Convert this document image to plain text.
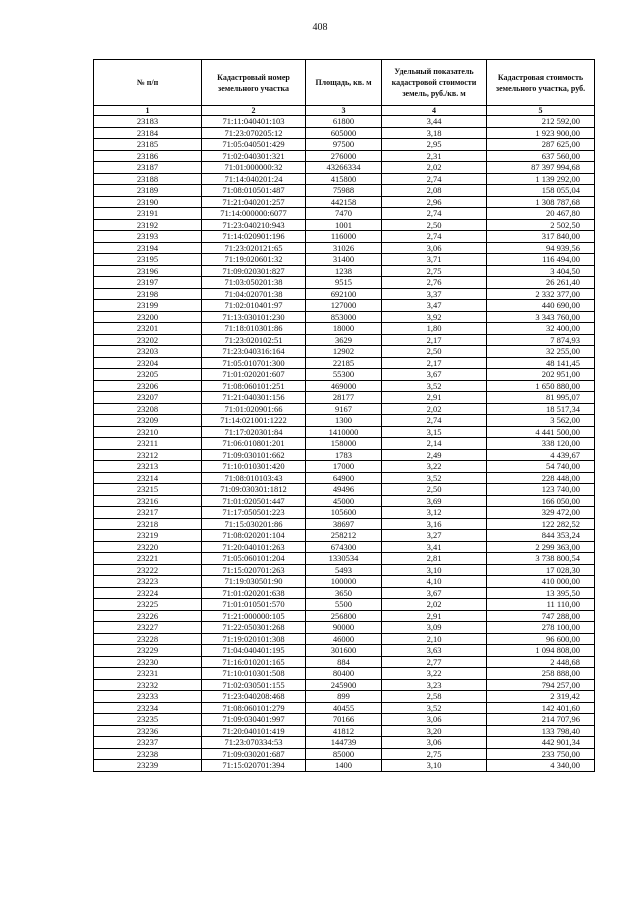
408
№ п/п	Кадастровый номер земельного участка	Площадь, кв. м	Удельный показатель кадастровой стоимости земель, руб./кв. м	Кадастровая стоимость земельного участка, руб.
1	2	3	4	5
23183	71:11:040401:103	61800	3,44	212 592,00
23184	71:23:070205:12	605000	3,18	1 923 900,00
23185	71:05:040501:429	97500	2,95	287 625,00
23186	71:02:040301:321	276000	2,31	637 560,00
23187	71:01:000000:32	43266334	2,02	87 397 994,68
23188	71:14:040201:24	415800	2,74	1 139 292,00
23189	71:08:010501:487	75988	2,08	158 055,04
23190	71:21:040201:257	442158	2,96	1 308 787,68
23191	71:14:000000:6077	7470	2,74	20 467,80
23192	71:23:040210:943	1001	2,50	2 502,50
23193	71:14:020901:196	116000	2,74	317 840,00
23194	71:23:020121:65	31026	3,06	94 939,56
23195	71:19:020601:32	31400	3,71	116 494,00
23196	71:09:020301:827	1238	2,75	3 404,50
23197	71:03:050201:38	9515	2,76	26 261,40
23198	71:04:020701:38	692100	3,37	2 332 377,00
23199	71:02:010401:97	127000	3,47	440 690,00
23200	71:13:030101:230	853000	3,92	3 343 760,00
23201	71:18:010301:86	18000	1,80	32 400,00
23202	71:23:020102:51	3629	2,17	7 874,93
23203	71:23:040316:164	12902	2,50	32 255,00
23204	71:05:010701:300	22185	2,17	48 141,45
23205	71:01:020201:607	55300	3,67	202 951,00
23206	71:08:060101:251	469000	3,52	1 650 880,00
23207	71:21:040301:156	28177	2,91	81 995,07
23208	71:01:020901:66	9167	2,02	18 517,34
23209	71:14:021001:1222	1300	2,74	3 562,00
23210	71:17:020301:84	1410000	3,15	4 441 500,00
23211	71:06:010801:201	158000	2,14	338 120,00
23212	71:09:030101:662	1783	2,49	4 439,67
23213	71:10:010301:420	17000	3,22	54 740,00
23214	71:08:010103:43	64900	3,52	228 448,00
23215	71:09:030301:1812	49496	2,50	123 740,00
23216	71:01:020501:447	45000	3,69	166 050,00
23217	71:17:050501:223	105600	3,12	329 472,00
23218	71:15:030201:86	38697	3,16	122 282,52
23219	71:08:020201:104	258212	3,27	844 353,24
23220	71:20:040101:263	674300	3,41	2 299 363,00
23221	71:05:060101:204	1330534	2,81	3 738 800,54
23222	71:15:020701:263	5493	3,10	17 028,30
23223	71:19:030501:90	100000	4,10	410 000,00
23224	71:01:020201:638	3650	3,67	13 395,50
23225	71:01:010501:570	5500	2,02	11 110,00
23226	71:21:000000:105	256800	2,91	747 288,00
23227	71:22:050301:268	90000	3,09	278 100,00
23228	71:19:020101:308	46000	2,10	96 600,00
23229	71:04:040401:195	301600	3,63	1 094 808,00
23230	71:16:010201:165	884	2,77	2 448,68
23231	71:10:010301:508	80400	3,22	258 888,00
23232	71:02:030501:155	245900	3,23	794 257,00
23233	71:23:040208:468	899	2,58	2 319,42
23234	71:08:060101:279	40455	3,52	142 401,60
23235	71:09:030401:997	70166	3,06	214 707,96
23236	71:20:040101:419	41812	3,20	133 798,40
23237	71:23:070334:53	144739	3,06	442 901,34
23238	71:09:030201:687	85000	2,75	233 750,00
23239	71:15:020701:394	1400	3,10	4 340,00
